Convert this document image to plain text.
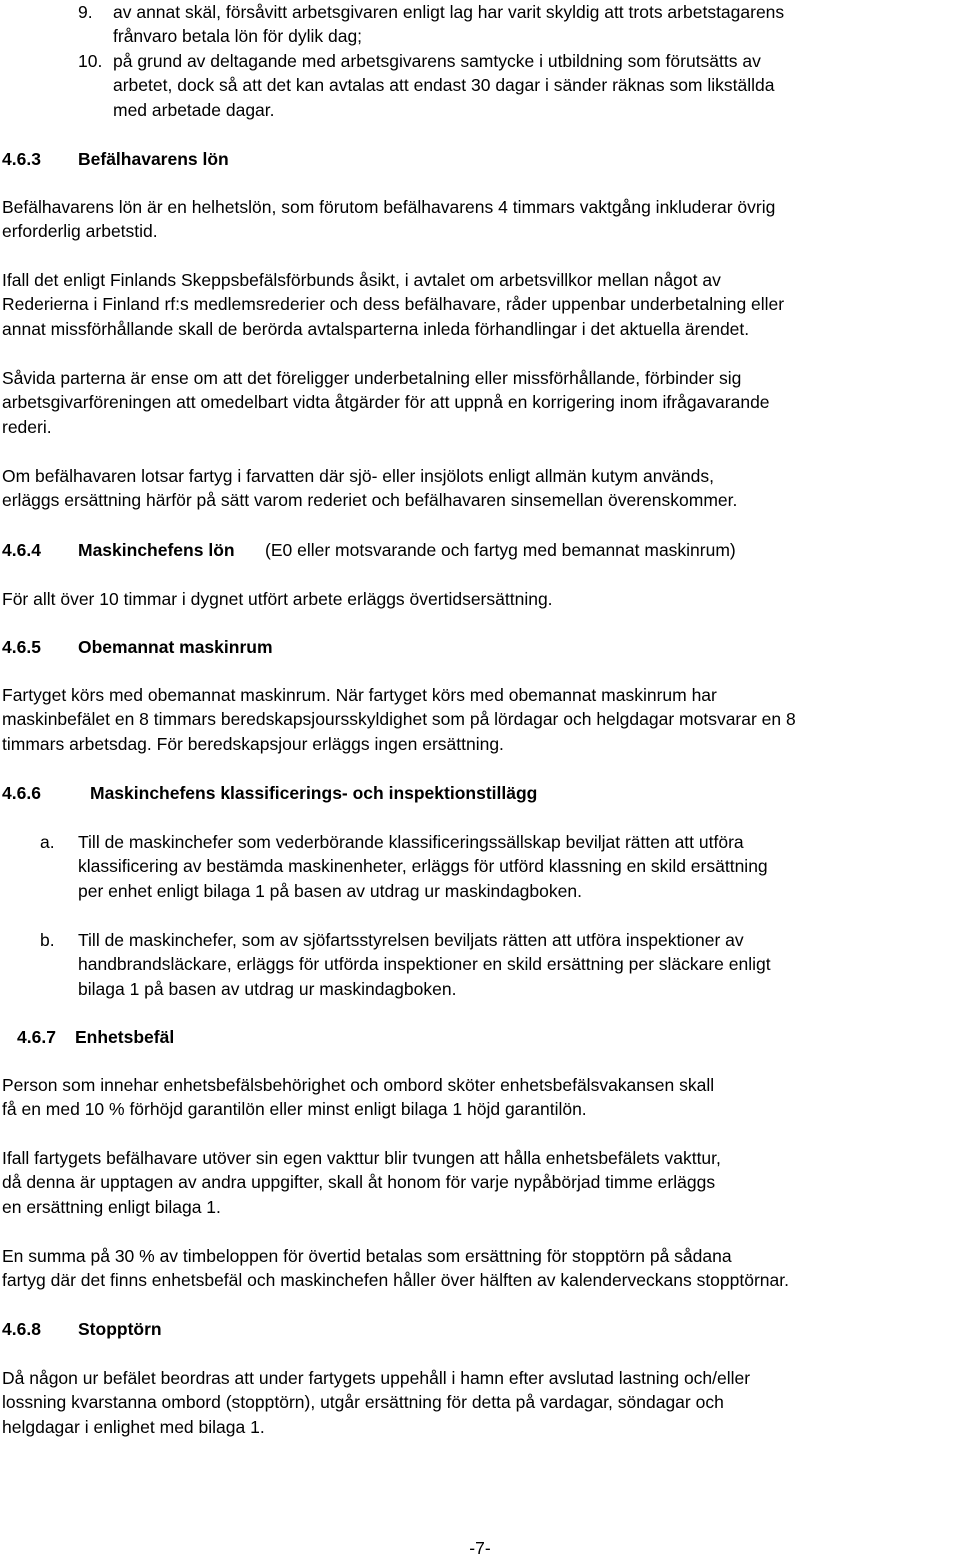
9. av annat skäl, försåvitt arbetsgivaren enligt lag har varit skyldig att trots arbetstagarens
frånvaro betala lön för dylik dag;
10. på grund av deltagande med arbetsgivarens samtycke i utbildning som förutsätts av
arbetet, dock så att det kan avtalas att endast 30 dagar i sänder räknas som likställda
med arbetade dagar.
4.6.3 Befälhavarens lön

Befälhavarens lön är en helhetslön, som förutom befälhavarens 4 timmars vaktgång inkluderar övrig
erforderlig arbetstid.

Ifall det enligt Finlands Skeppsbefälsförbunds åsikt, i avtalet om arbetsvillkor mellan något av
Rederierna i Finland rf:s medlemsrederier och dess befälhavare, råder uppenbar underbetalning eller
annat missförhållande skall de berörda avtalsparterna inleda förhandlingar i det aktuella ärendet.

Såvida parterna är ense om att det föreligger underbetalning eller missförhållande, förbinder sig
arbetsgivarföreningen att omedelbart vidta åtgärder för att uppnå en korrigering inom ifrågavarande
rederi.

Om befälhavaren lotsar fartyg i farvatten där sjö- eller insjölots enligt allmän kutym används,
erläggs ersättning härför på sätt varom rederiet och befälhavaren sinsemellan överenskommer.

4.6.4 Maskinchefens lön (E0 eller motsvarande och fartyg med bemannat maskinrum)

För allt över 10 timmar i dygnet utfört arbete erläggs övertidsersättning.

4.6.5 Obemannat maskinrum

Fartyget körs med obemannat maskinrum. När fartyget körs med obemannat maskinrum har
maskinbefälet en 8 timmars beredskapsjoursskyldighet som på lördagar och helgdagar motsvarar en 8
timmars arbetsdag. För beredskapsjour erläggs ingen ersättning.

4.6.6	Maskinchefens klassificerings- och inspektionstillägg
a. Till de maskinchefer som vederbörande klassificeringssällskap beviljat rätten att utföra
klassificering av bestämda maskinenheter, erläggs för utförd klassning en skild ersättning
per enhet enligt bilaga 1 på basen av utdrag ur maskindagboken.
b. Till de maskinchefer, som av sjöfartsstyrelsen beviljats rätten att utföra inspektioner av
handbrandsläckare, erläggs för utförda inspektioner en skild ersättning per släckare enligt
bilaga 1 på basen av utdrag ur maskindagboken.
4.6.7 Enhetsbefäl

Person som innehar enhetsbefälsbehörighet och ombord sköter enhetsbefälsvakansen skall
få en med 10 % förhöjd garantilön eller minst enligt bilaga 1 höjd garantilön.

Ifall fartygets befälhavare utöver sin egen vakttur blir tvungen att hålla enhetsbefälets vakttur,
då denna är upptagen av andra uppgifter, skall åt honom för varje nypåbörjad timme erläggs
en ersättning enligt bilaga 1.

En summa på 30 % av timbeloppen för övertid betalas som ersättning för stopptörn på sådana
fartyg där det finns enhetsbefäl och maskinchefen håller över hälften av kalenderveckans stopptörnar.

4.6.8 Stopptörn

Då någon ur befälet beordras att under fartygets uppehåll i hamn efter avslutad lastning och/eller
lossning kvarstanna ombord (stopptörn), utgår ersättning för detta på vardagar, söndagar och
helgdagar i enlighet med bilaga 1.

-7-
